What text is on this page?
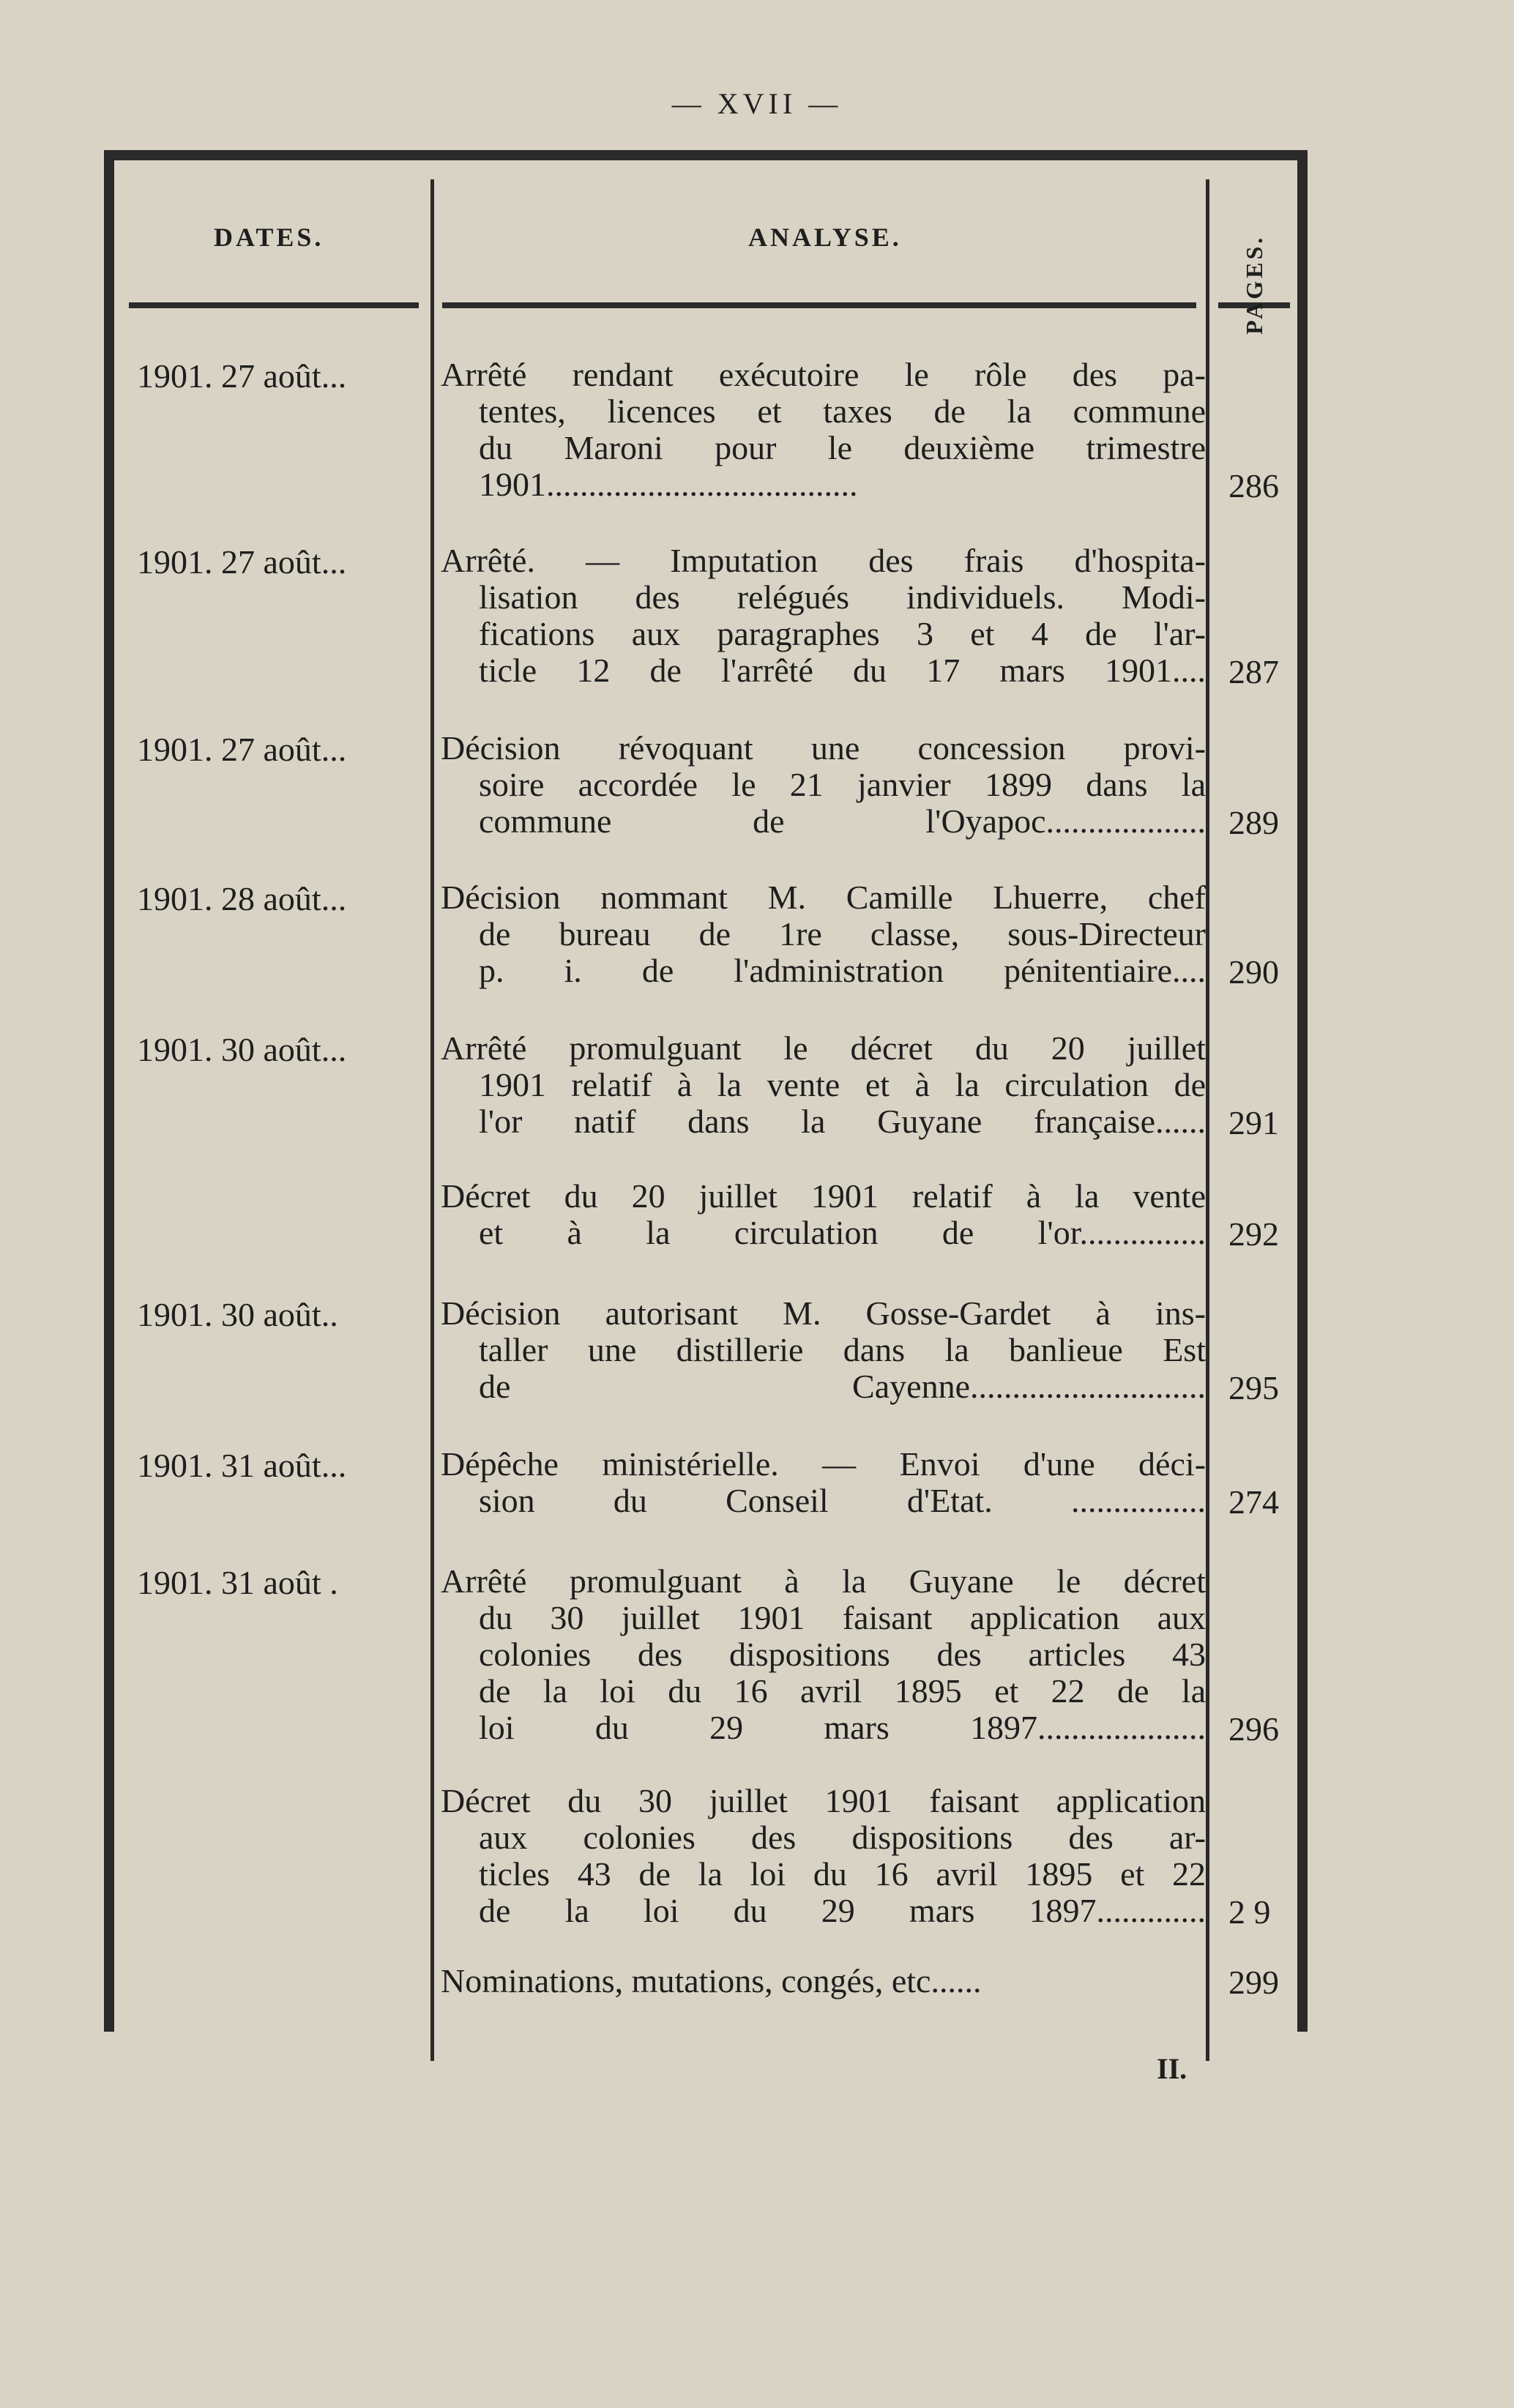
— XVII —
DATES.	ANALYSE.	PAGES.
1901. 27 août...	Arrêté rendant exécutoire le rôle des pa-
tentes, licences et taxes de la commune
du Maroni pour le deuxième trimestre
1901.....................................	286
1901. 27 août...	Arrêté. — Imputation des frais d'hospita-
lisation des relégués individuels. Modi-
fications aux paragraphes 3 et 4 de l'ar-
ticle 12 de l'arrêté du 17 mars 1901.... 287
1901. 27 août...	Décision révoquant une concession provi-
soire accordée le 21 janvier 1899 dans la
commune de l'Oyapoc................... 289
1901. 28 août...	Décision nommant M. Camille Lhuerre, chef
de bureau de 1re classe, sous-Directeur
p. i. de l'administration pénitentiaire.... 290
1901. 30 août...	Arrêté promulguant le décret du 20 juillet
1901 relatif à la vente et à la circulation de
l'or natif dans la Guyane française...... 291
Décret du 20 juillet 1901 relatif à la vente
et à la circulation de l'or............... 292
1901. 30 août..	Décision autorisant M. Gosse-Gardet à ins-
taller une distillerie dans la banlieue Est
de Cayenne............................ 295
1901. 31 août...	Dépêche ministérielle. — Envoi d'une déci-
sion du Conseil d'Etat. ................ 274
1901. 31 août .	Arrêté promulguant à la Guyane le décret
du 30 juillet 1901 faisant application aux
colonies des dispositions des articles 43
de la loi du 16 avril 1895 et 22 de la
loi du 29 mars 1897.................... 296
Décret du 30 juillet 1901 faisant application
aux colonies des dispositions des ar-
ticles 43 de la loi du 16 avril 1895 et 22
de la loi du 29 mars 1897............. 2 9
Nominations, mutations, congés, etc......	299
II.
